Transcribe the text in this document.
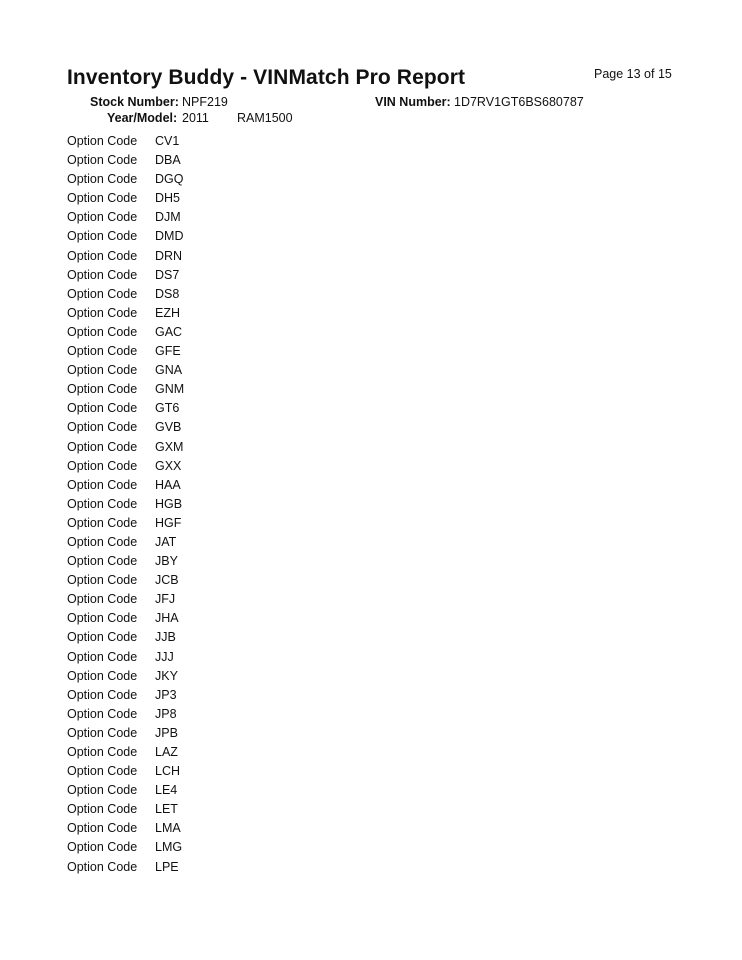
Inventory Buddy - VINMatch Pro Report	Page 13 of 15
Stock Number: NPF219	VIN Number: 1D7RV1GT6BS680787
Year/Model: 2011 RAM1500
Option Code CV1
Option Code DBA
Option Code DGQ
Option Code DH5
Option Code DJM
Option Code DMD
Option Code DRN
Option Code DS7
Option Code DS8
Option Code EZH
Option Code GAC
Option Code GFE
Option Code GNA
Option Code GNM
Option Code GT6
Option Code GVB
Option Code GXM
Option Code GXX
Option Code HAA
Option Code HGB
Option Code HGF
Option Code JAT
Option Code JBY
Option Code JCB
Option Code JFJ
Option Code JHA
Option Code JJB
Option Code JJJ
Option Code JKY
Option Code JP3
Option Code JP8
Option Code JPB
Option Code LAZ
Option Code LCH
Option Code LE4
Option Code LET
Option Code LMA
Option Code LMG
Option Code LPE
